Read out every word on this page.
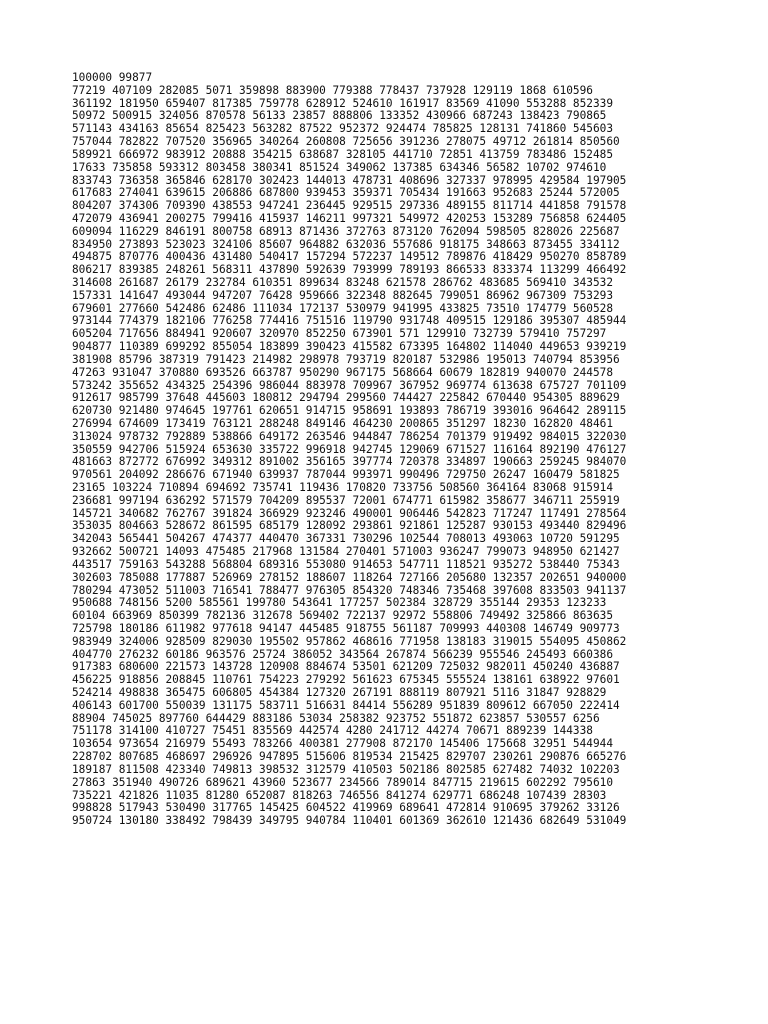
100000 99877
77219 407109 282085 5071 359898 883900 779388 778437 737928 129119 1868 610596
361192 181950 659407 817385 759778 628912 524610 161917 83569 41090 553288 852339
50972 500915 324056 870578 56133 23857 888806 133352 430966 687243 138423 790865
571143 434163 85654 825423 563282 87522 952372 924474 785825 128131 741860 545603
757044 782822 707520 356965 340264 260808 725656 391236 278075 49712 261814 850560
589921 666972 983912 20888 354215 638687 328105 441710 72851 413759 783486 152485
17633 735858 593312 803458 380341 851524 349062 137385 634346 56582 10702 974610
833743 736358 365846 628170 302423 144013 478731 408696 327337 978995 429584 197905
617683 274041 639615 206886 687800 939453 359371 705434 191663 952683 25244 572005
804207 374306 709390 438553 947241 236445 929515 297336 489155 811714 441858 791578
472079 436941 200275 799416 415937 146211 997321 549972 420253 153289 756858 624405
609094 116229 846191 800758 68913 871436 372763 873120 762094 598505 828026 225687
834950 273893 523023 324106 85607 964882 632036 557686 918175 348663 873455 334112
494875 870776 400436 431480 540417 157294 572237 149512 789876 418429 950270 858789
806217 839385 248261 568311 437890 592639 793999 789193 866533 833374 113299 466492
314608 261687 26179 232784 610351 899634 83248 621578 286762 483685 569410 343532
157331 141647 493044 947207 76428 959666 322348 882645 799051 86962 967309 753293
679601 277660 542486 62486 111034 172137 530979 941995 433825 73510 174779 560528
973144 774379 182106 776258 774416 751516 119790 931748 409515 129186 395307 485944
605204 717656 884941 920607 320970 852250 673901 571 129910 732739 579410 757297
904877 110389 699292 855054 183899 390423 415582 673395 164802 114040 449653 939219
381908 85796 387319 791423 214982 298978 793719 820187 532986 195013 740794 853956
47263 931047 370880 693526 663787 950290 967175 568664 60679 182819 940070 244578
573242 355652 434325 254396 986044 883978 709967 367952 969774 613638 675727 701109
912617 985799 37648 445603 180812 294794 299560 744427 225842 670440 954305 889629
620730 921480 974645 197761 620651 914715 958691 193893 786719 393016 964642 289115
276994 674609 173419 763121 288248 849146 464230 200865 351297 18230 162820 48461
313024 978732 792889 538866 649172 263546 944847 786254 701379 919492 984015 322030
350559 942706 515924 653630 335722 996918 942745 129069 671527 116164 892190 476127
481663 872772 676992 349312 891002 356165 397774 720378 334897 190663 259245 984070
970561 204092 286676 671940 639937 787044 993971 990496 729750 26247 160479 581825
23165 103224 710894 694692 735741 119436 170820 733756 508560 364164 83068 915914
236681 997194 636292 571579 704209 895537 72001 674771 615982 358677 346711 255919
145721 340682 762767 391824 366929 923246 490001 906446 542823 717247 117491 278564
353035 804663 528672 861595 685179 128092 293861 921861 125287 930153 493440 829496
342043 565441 504267 474377 440470 367331 730296 102544 708013 493063 10720 591295
932662 500721 14093 475485 217968 131584 270401 571003 936247 799073 948950 621427
443517 759163 543288 568804 689316 553080 914653 547711 118521 935272 538440 75343
302603 785088 177887 526969 278152 188607 118264 727166 205680 132357 202651 940000
780294 473052 511003 716541 788477 976305 854320 748346 735468 397608 833503 941137
950688 748156 5200 585561 199780 543641 177257 502384 328729 355144 29353 123233
60104 663969 850399 782136 312678 569402 722137 92972 558806 749492 325866 863635
725798 180186 611982 977618 94147 445485 918755 561187 709993 440308 146749 909773
983949 324006 928509 829030 195502 957862 468616 771958 138183 319015 554095 450862
404770 276232 60186 963576 25724 386052 343564 267874 566239 955546 245493 660386
917383 680600 221573 143728 120908 884674 53501 621209 725032 982011 450240 436887
456225 918856 208845 110761 754223 279292 561623 675345 555524 138161 638922 97601
524214 498838 365475 606805 454384 127320 267191 888119 807921 5116 31847 928829
406143 601700 550039 131175 583711 516631 84414 556289 951839 809612 667050 222414
88904 745025 897760 644429 883186 53034 258382 923752 551872 623857 530557 6256
751178 314100 410727 75451 835569 442574 4280 241712 44274 70671 889239 144338
103654 973654 216979 55493 783266 400381 277908 872170 145406 175668 32951 544944
228702 807685 468697 296926 947895 515606 819534 215425 829707 230261 290876 665276
189187 811508 423340 749813 398532 312579 410503 502186 802585 627482 74032 102203
27863 351940 490726 689621 43960 523677 234566 789014 847715 219615 602292 795610
735221 421826 11035 81280 652087 818263 746556 841274 629771 686248 107439 28303
998828 517943 530490 317765 145425 604522 419969 689641 472814 910695 379262 33126
950724 130180 338492 798439 349795 940784 110401 601369 362610 121436 682649 531049
